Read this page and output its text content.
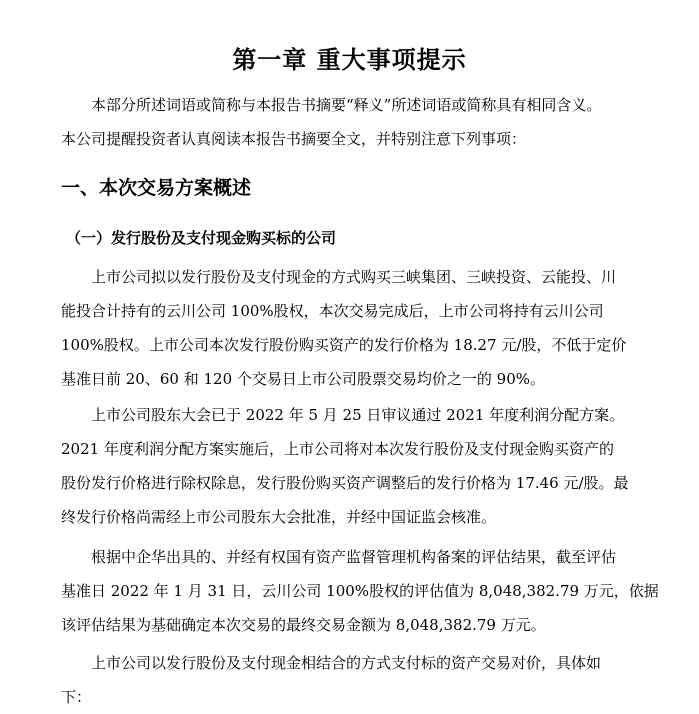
第一章 重大事项提示
本部分所述词语或简称与本报告书摘要“释义”所述词语或简称具有相同含义。
本公司提醒投资者认真阅读本报告书摘要全文，并特别注意下列事项：
一、本次交易方案概述
（一）发行股份及支付现金购买标的公司
上市公司拟以发行股份及支付现金的方式购买三峡集团、三峡投资、云能投、川
能投合计持有的云川公司 100%股权，本次交易完成后，上市公司将持有云川公司
100%股权。上市公司本次发行股份购买资产的发行价格为 18.27 元/股，不低于定价
基准日前 20、60 和 120 个交易日上市公司股票交易均价之一的 90%。
上市公司股东大会已于 2022 年 5 月 25 日审议通过 2021 年度利润分配方案。
2021 年度利润分配方案实施后，上市公司将对本次发行股份及支付现金购买资产的
股份发行价格进行除权除息，发行股份购买资产调整后的发行价格为 17.46 元/股。最
终发行价格尚需经上市公司股东大会批准，并经中国证监会核准。
根据中企华出具的、并经有权国有资产监督管理机构备案的评估结果，截至评估
基准日 2022 年 1 月 31 日，云川公司 100%股权的评估值为 8,048,382.79 万元，依据
该评估结果为基础确定本次交易的最终交易金额为 8,048,382.79 万元。
上市公司以发行股份及支付现金相结合的方式支付标的资产交易对价，具体如
下：
